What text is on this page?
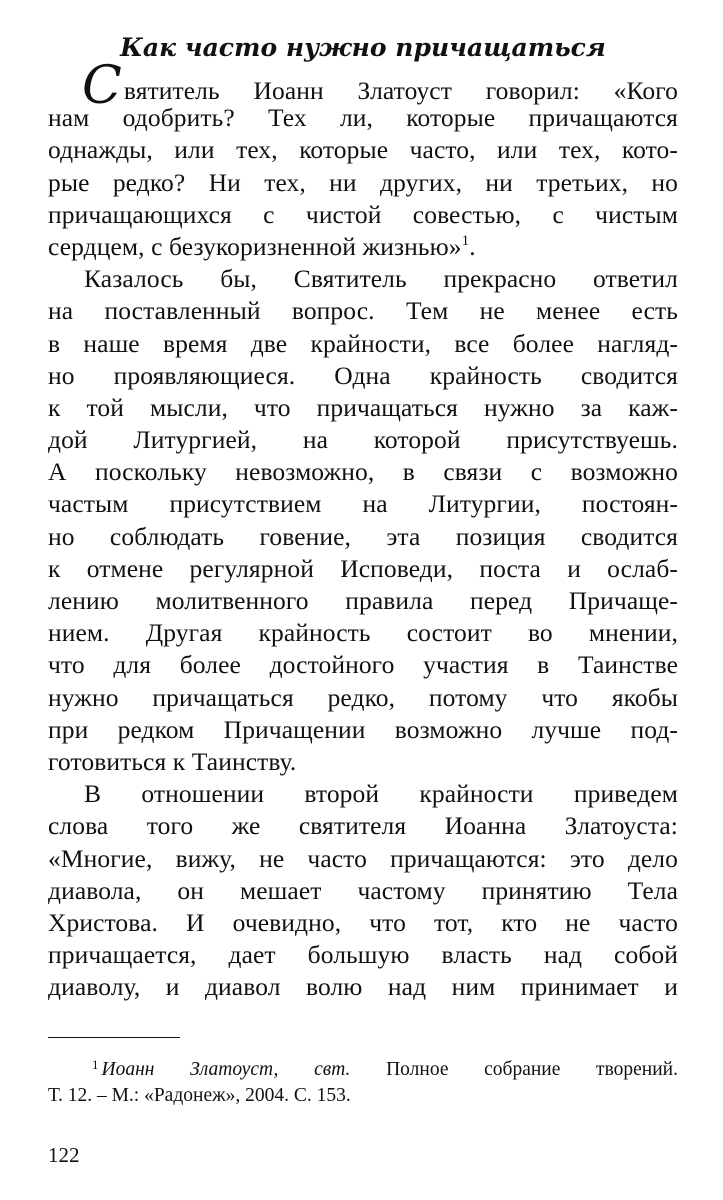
Как часто нужно причащаться
Святитель Иоанн Златоуст говорил: «Кого
нам одобрить? Тех ли, которые причащаются
однажды, или тех, которые часто, или тех, кото-
рые редко? Ни тех, ни других, ни третьих, но
причащающихся с чистой совестью, с чистым
сердцем, с безукоризненной жизнью»$^1$.
Казалось бы, Святитель прекрасно ответил
на поставленный вопрос. Тем не менее есть
в наше время две крайности, все более нагляд-
но проявляющиеся. Одна крайность сводится
к той мысли, что причащаться нужно за каж-
дой Литургией, на которой присутствуешь.
А поскольку невозможно, в связи с возможно
частым присутствием на Литургии, постоян-
но соблюдать говение, эта позиция сводится
к отмене регулярной Исповеди, поста и ослаб-
лению молитвенного правила перед Причаще-
нием. Другая крайность состоит во мнении,
что для более достойного участия в Таинстве
нужно причащаться редко, потому что якобы
при редком Причащении возможно лучше под-
готовиться к Таинству.
В отношении второй крайности приведем
слова того же святителя Иоанна Златоуста:
«Многие, вижу, не часто причащаются: это дело
диавола, он мешает частому принятию Тела
Христова. И очевидно, что тот, кто не часто
причащается, дает большую власть над собой
диаволу, и диавол волю над ним принимает и
$^1$ Иоанн Златоуст, свт. Полное собрание творений.
Т. 12. – М.: «Радонеж», 2004. С. 153.
122
